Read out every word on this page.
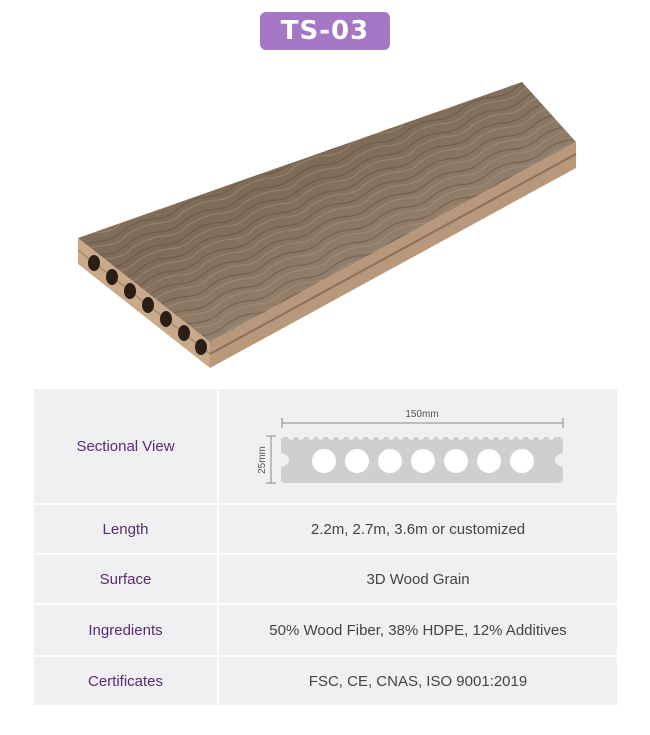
TS-03
Sectional View
150mm
25mm
Length	2.2m, 2.7m, 3.6m or customized
Surface	3D Wood Grain
Ingredients	50% Wood Fiber, 38% HDPE, 12% Additives
Certificates	FSC, CE, CNAS, ISO 9001:2019
